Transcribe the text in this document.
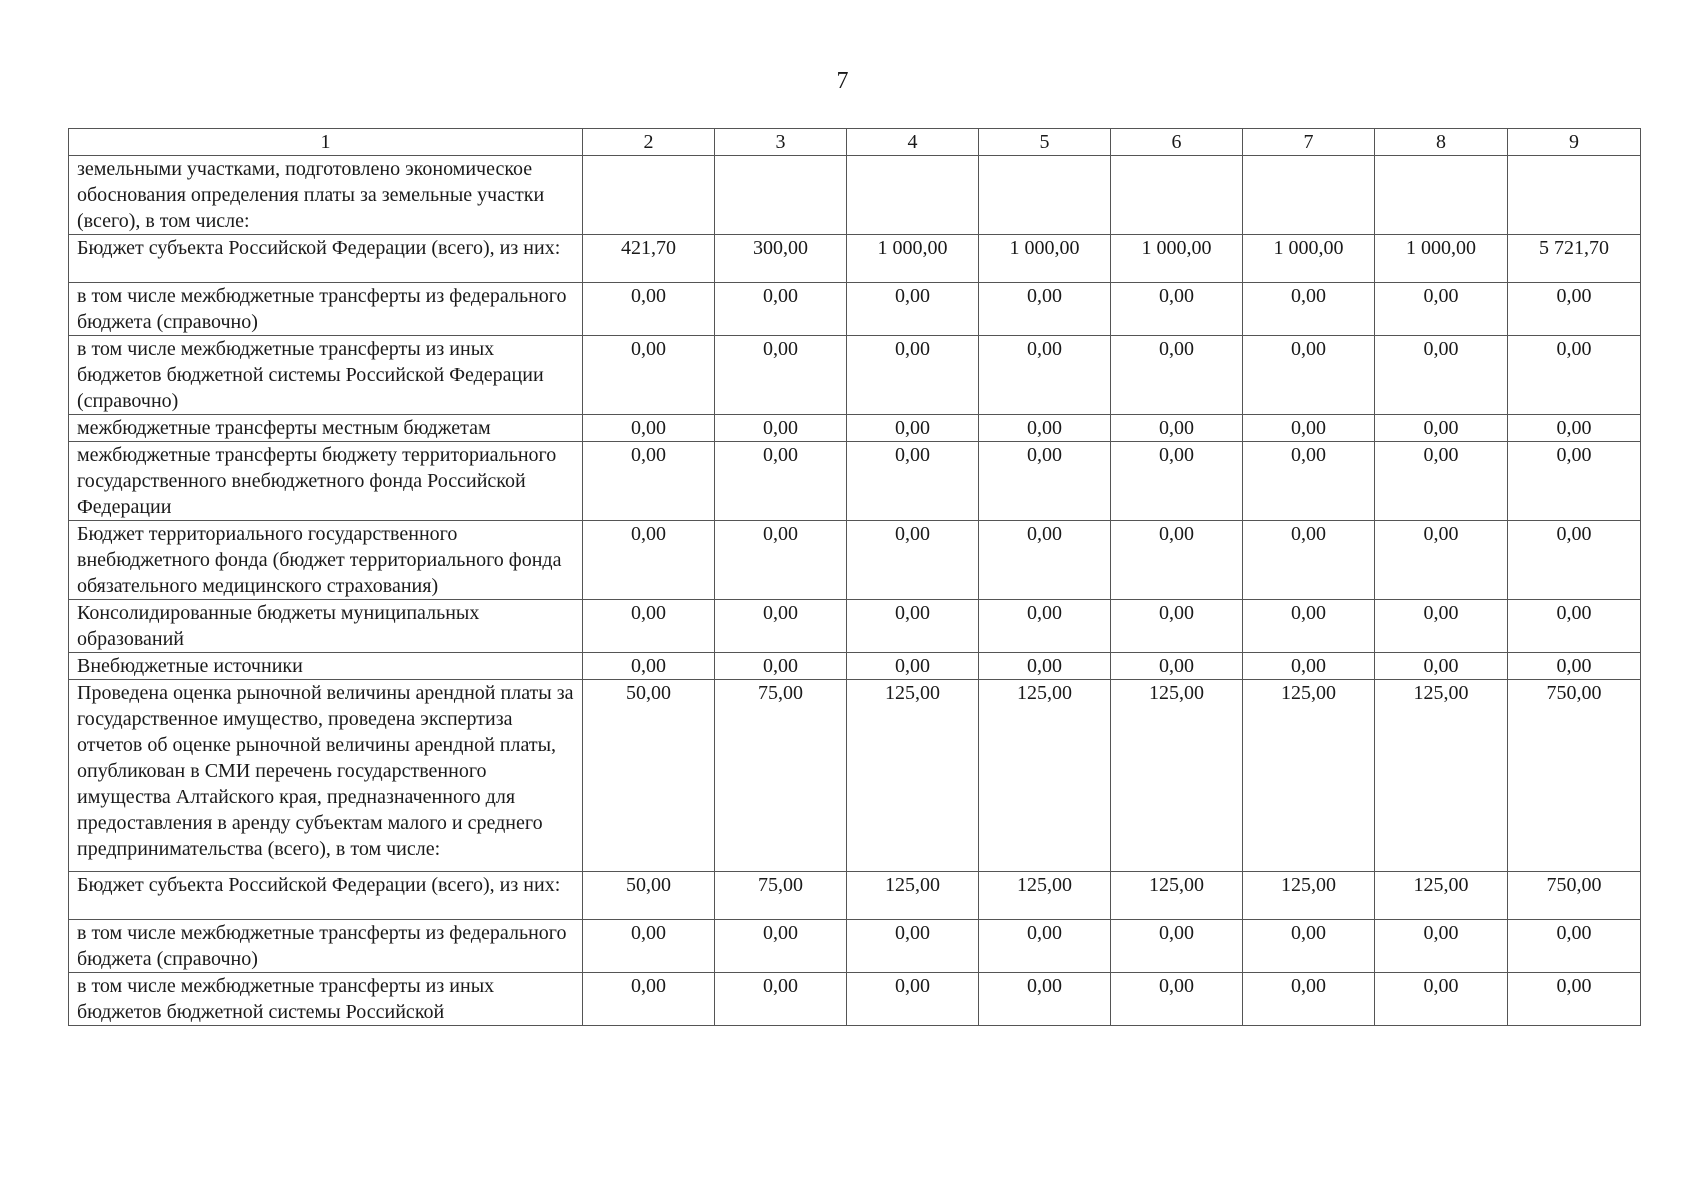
7
1	2	3	4	5	6	7	8	9
земельными участками, подготовлено экономическое обоснования определения платы за земельные участки (всего), в том числе:								
Бюджет субъекта Российской Федерации (всего), из них:	421,70	300,00	1 000,00	1 000,00	1 000,00	1 000,00	1 000,00	5 721,70
в том числе межбюджетные трансферты из федерального бюджета (справочно)	0,00	0,00	0,00	0,00	0,00	0,00	0,00	0,00
в том числе межбюджетные трансферты из иных бюджетов бюджетной системы Российской Федерации (справочно)	0,00	0,00	0,00	0,00	0,00	0,00	0,00	0,00
межбюджетные трансферты местным бюджетам	0,00	0,00	0,00	0,00	0,00	0,00	0,00	0,00
межбюджетные трансферты бюджету территориального государственного внебюджетного фонда Российской Федерации	0,00	0,00	0,00	0,00	0,00	0,00	0,00	0,00
Бюджет территориального государственного внебюджетного фонда (бюджет территориального фонда обязательного медицинского страхования)	0,00	0,00	0,00	0,00	0,00	0,00	0,00	0,00
Консолидированные бюджеты муниципальных образований	0,00	0,00	0,00	0,00	0,00	0,00	0,00	0,00
Внебюджетные источники	0,00	0,00	0,00	0,00	0,00	0,00	0,00	0,00
Проведена оценка рыночной величины арендной платы за государственное имущество, проведена экспертиза отчетов об оценке рыночной величины арендной платы, опубликован в СМИ перечень государственного имущества Алтайского края, предназначенного для предоставления в аренду субъектам малого и среднего предпринимательства (всего), в том числе:	50,00	75,00	125,00	125,00	125,00	125,00	125,00	750,00
Бюджет субъекта Российской Федерации (всего), из них:	50,00	75,00	125,00	125,00	125,00	125,00	125,00	750,00
в том числе межбюджетные трансферты из федерального бюджета (справочно)	0,00	0,00	0,00	0,00	0,00	0,00	0,00	0,00
в том числе межбюджетные трансферты из иных бюджетов бюджетной системы Российской	0,00	0,00	0,00	0,00	0,00	0,00	0,00	0,00
